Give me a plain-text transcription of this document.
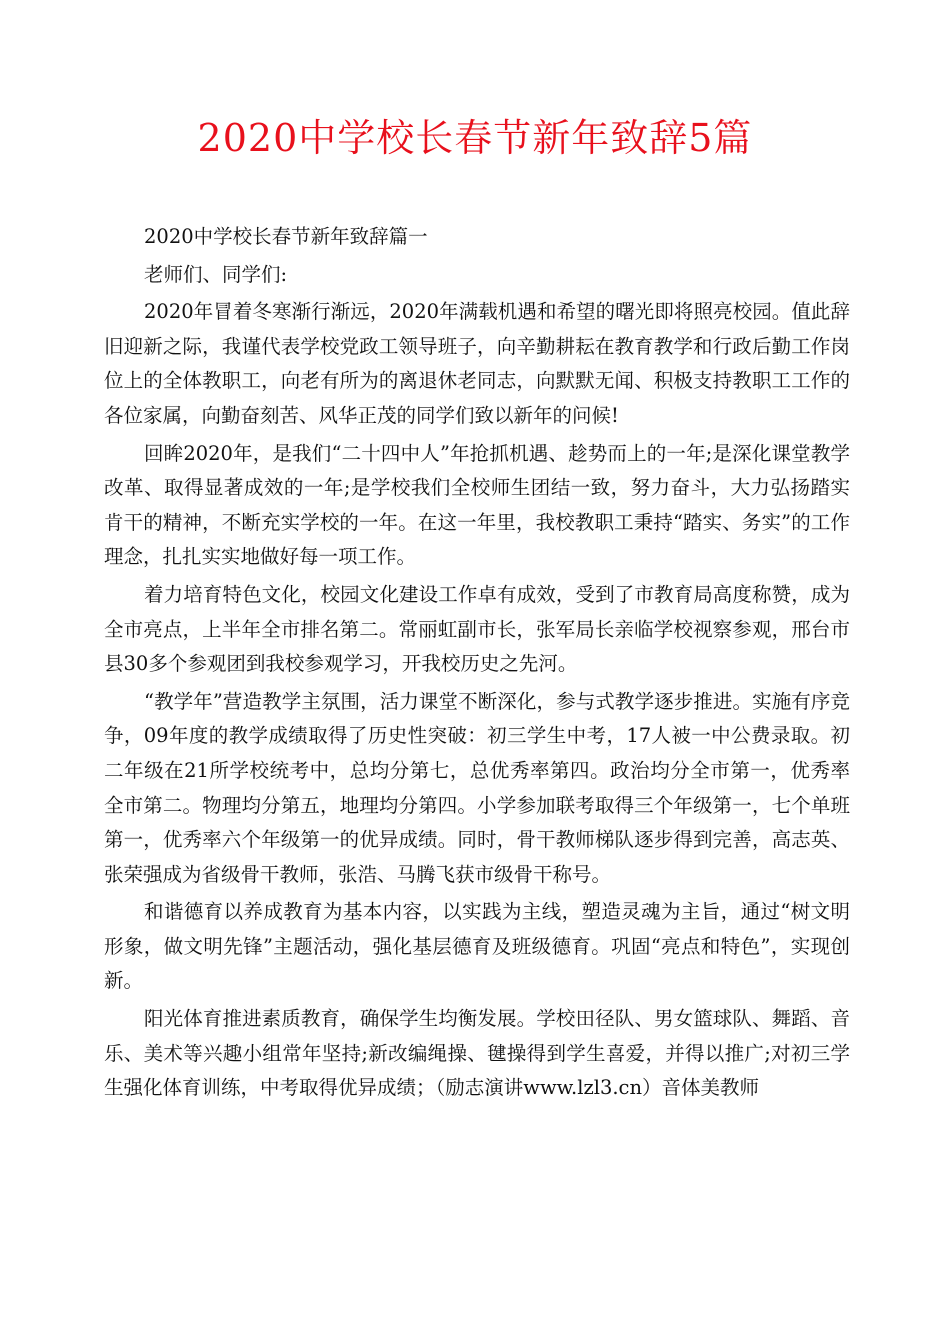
2020中学校长春节新年致辞5篇

2020中学校长春节新年致辞篇一

老师们、同学们:

2020年冒着冬寒渐行渐远，2020年满载机遇和希望的曙光即将照亮校园。值此辞旧迎新之际，我谨代表学校党政工领导班子，向辛勤耕耘在教育教学和行政后勤工作岗位上的全体教职工，向老有所为的离退休老同志，向默默无闻、积极支持教职工工作的各位家属，向勤奋刻苦、风华正茂的同学们致以新年的问候!

回眸2020年，是我们“二十四中人”年抢抓机遇、趁势而上的一年;是深化课堂教学改革、取得显著成效的一年;是学校我们全校师生团结一致，努力奋斗，大力弘扬踏实肯干的精神，不断充实学校的一年。在这一年里，我校教职工秉持“踏实、务实”的工作理念，扎扎实实地做好每一项工作。

着力培育特色文化，校园文化建设工作卓有成效，受到了市教育局高度称赞，成为全市亮点，上半年全市排名第二。常丽虹副市长，张军局长亲临学校视察参观，邢台市县30多个参观团到我校参观学习，开我校历史之先河。

“教学年”营造教学主氛围，活力课堂不断深化，参与式教学逐步推进。实施有序竞争，09年度的教学成绩取得了历史性突破：初三学生中考，17人被一中公费录取。初二年级在21所学校统考中，总均分第七，总优秀率第四。政治均分全市第一，优秀率全市第二。物理均分第五，地理均分第四。小学参加联考取得三个年级第一，七个单班第一，优秀率六个年级第一的优异成绩。同时，骨干教师梯队逐步得到完善，高志英、张荣强成为省级骨干教师，张浩、马腾飞获市级骨干称号。

和谐德育以养成教育为基本内容，以实践为主线，塑造灵魂为主旨，通过“树文明形象，做文明先锋”主题活动，强化基层德育及班级德育。巩固“亮点和特色”，实现创新。

阳光体育推进素质教育，确保学生均衡发展。学校田径队、男女篮球队、舞蹈、音乐、美术等兴趣小组常年坚持;新改编绳操、毽操得到学生喜爱，并得以推广;对初三学生强化体育训练，中考取得优异成绩；（励志演讲www.lzl3.cn）音体美教师
